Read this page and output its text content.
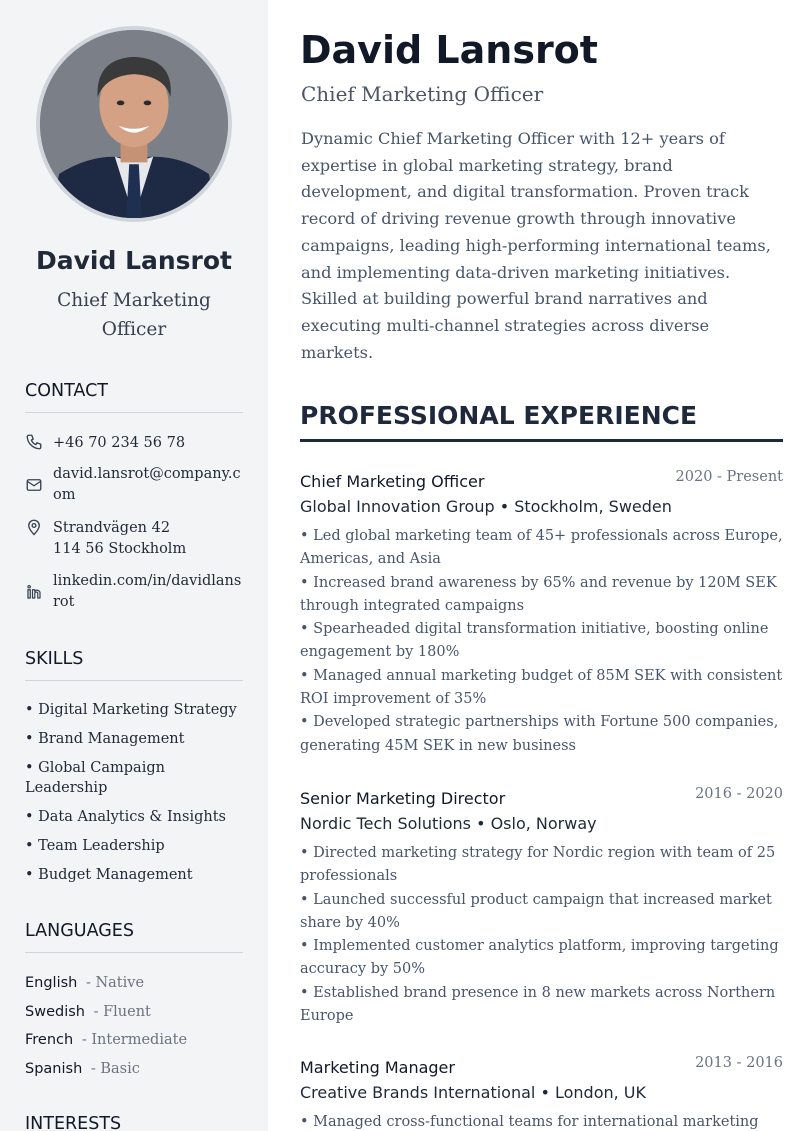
David Lansrot
Chief Marketing
Officer
CONTACT
+46 70 234 56 78
david.lansrot@company.com
Strandvägen 42
114 56 Stockholm
linkedin.com/in/davidlansrot
SKILLS
• Digital Marketing Strategy
• Brand Management
• Global Campaign Leadership
• Data Analytics & Insights
• Team Leadership
• Budget Management
LANGUAGES
English - Native
Swedish - Fluent
French - Intermediate
Spanish - Basic
INTERESTS
David Lansrot
Chief Marketing Officer

Dynamic Chief Marketing Officer with 12+ years of expertise in global marketing strategy, brand development, and digital transformation. Proven track record of driving revenue growth through innovative campaigns, leading high-performing international teams, and implementing data-driven marketing initiatives. Skilled at building powerful brand narratives and executing multi-channel strategies across diverse markets.

PROFESSIONAL EXPERIENCE
Chief Marketing Officer	2020 - Present
Global Innovation Group • Stockholm, Sweden
• Led global marketing team of 45+ professionals across Europe, Americas, and Asia
• Increased brand awareness by 65% and revenue by 120M SEK through integrated campaigns
• Spearheaded digital transformation initiative, boosting online engagement by 180%
• Managed annual marketing budget of 85M SEK with consistent ROI improvement of 35%
• Developed strategic partnerships with Fortune 500 companies, generating 45M SEK in new business
Senior Marketing Director	2016 - 2020
Nordic Tech Solutions • Oslo, Norway
• Directed marketing strategy for Nordic region with team of 25 professionals
• Launched successful product campaign that increased market share by 40%
• Implemented customer analytics platform, improving targeting accuracy by 50%
• Established brand presence in 8 new markets across Northern Europe
Marketing Manager	2013 - 2016
Creative Brands International • London, UK
• Managed cross-functional teams for international marketing
